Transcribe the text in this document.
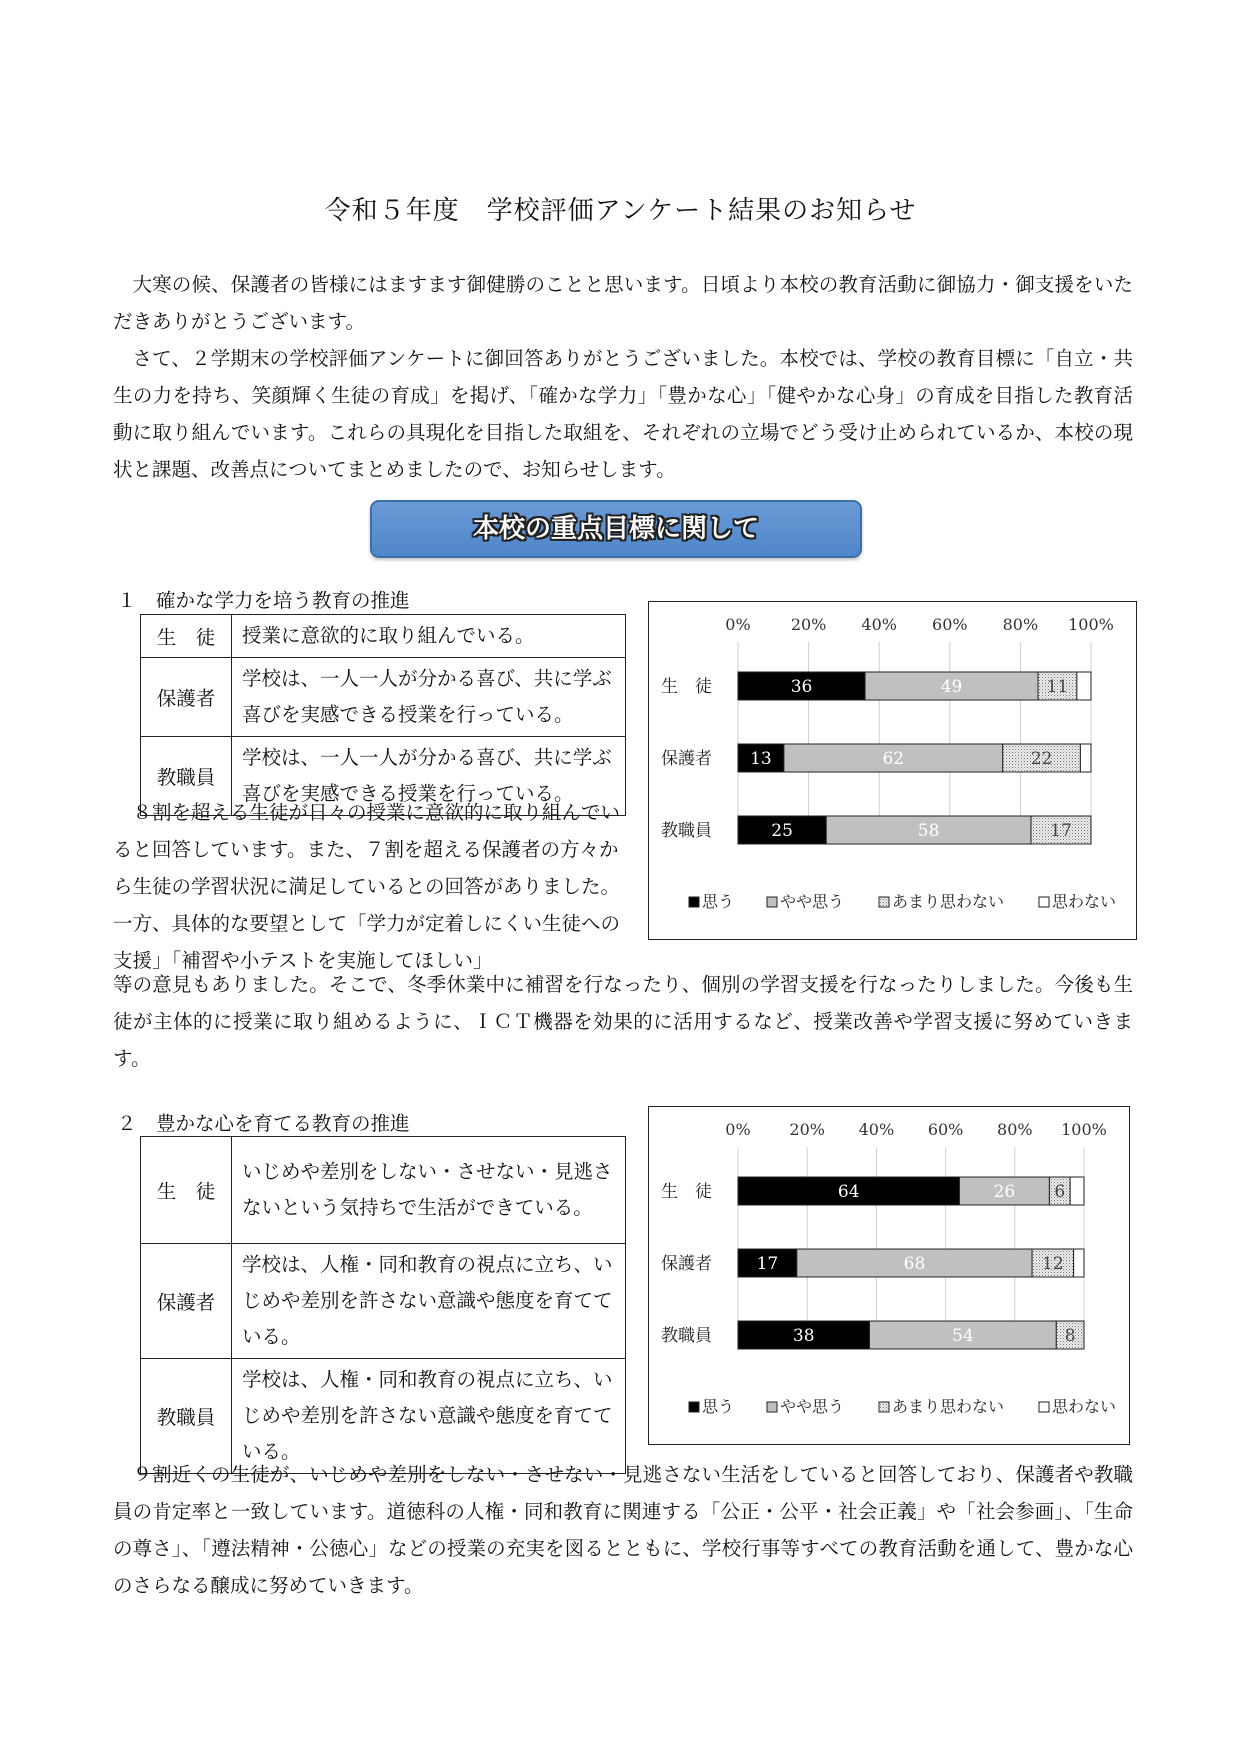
令和５年度　学校評価アンケート結果のお知らせ

大寒の候、保護者の皆様にはますます御健勝のことと思います。日頃より本校の教育活動に御協力・御支援をいただきありがとうございます。

さて、２学期末の学校評価アンケートに御回答ありがとうございました。本校では、学校の教育目標に「自立・共生の力を持ち、笑顔輝く生徒の育成」を掲げ、「確かな学力」「豊かな心」「健やかな心身」の育成を目指した教育活動に取り組んでいます。これらの具現化を目指した取組を、それぞれの立場でどう受け止められているか、本校の現状と課題、改善点についてまとめましたので、お知らせします。

本校の重点目標に関して
１　確かな学力を培う教育の推進
生　徒	授業に意欲的に取り組んでいる。
保護者	学校は、一人一人が分かる喜び、共に学ぶ喜びを実感できる授業を行っている。
教職員	学校は、一人一人が分かる喜び、共に学ぶ喜びを実感できる授業を行っている。

８割を超える生徒が日々の授業に意欲的に取り組んでいると回答しています。また、７割を超える保護者の方々から生徒の学習状況に満足しているとの回答がありました。一方、具体的な要望として「学力が定着しにくい生徒への支援」「補習や小テストを実施してほしい」

等の意見もありました。そこで、冬季休業中に補習を行なったり、個別の学習支援を行なったりしました。今後も生徒が主体的に授業に取り組めるように、ＩＣＴ機器を効果的に活用するなど、授業改善や学習支援に努めていきます。
0%	20% 40% 60% 80% 100%
生　徒	36	49	11
保護者 13	62	22
教職員	25	58	17
思う	やや思う	あまり思わない	思わない
２　豊かな心を育てる教育の推進
生　徒	いじめや差別をしない・させない・見逃さないという気持ちで生活ができている。
保護者	学校は、人権・同和教育の視点に立ち、いじめや差別を許さない意識や態度を育てている。
教職員	学校は、人権・同和教育の視点に立ち、いじめや差別を許さない意識や態度を育てている。
0% 20% 40% 60% 80% 100%
生　徒	64	26 6
保護者	17	68	12
教職員	38	54	8
思う	やや思う	あまり思わない	思わない

９割近くの生徒が、いじめや差別をしない・させない・見逃さない生活をしていると回答しており、保護者や教職員の肯定率と一致しています。道徳科の人権・同和教育に関連する「公正・公平・社会正義」や「社会参画」、「生命の尊さ」、「遵法精神・公徳心」などの授業の充実を図るとともに、学校行事等すべての教育活動を通して、豊かな心のさらなる醸成に努めていきます。
